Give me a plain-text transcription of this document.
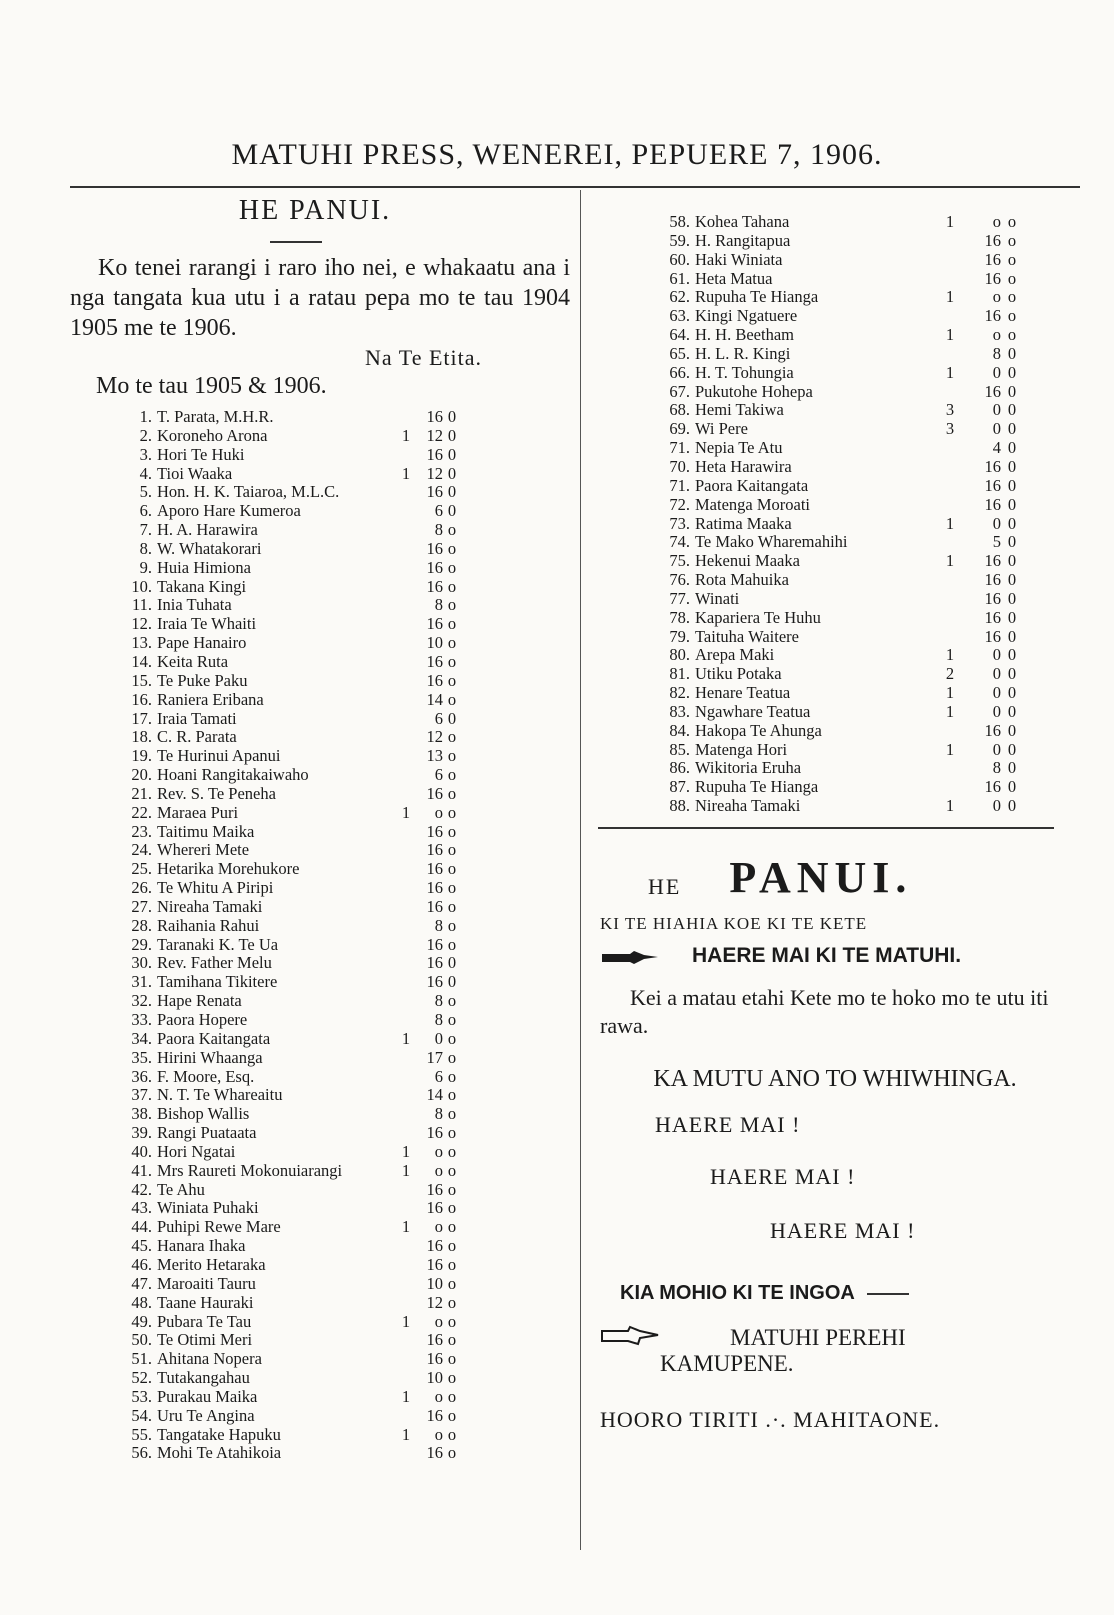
MATUHI PRESS, WENEREI, PEPUERE 7, 1906.
HE PANUI.

Ko tenei rarangi i raro iho nei, e whakaatu ana i nga tangata kua utu i a ratau pepa mo te tau 1904 1905 me te 1906.

Na Te Etita.
Mo te tau 1905 & 1906.
1. T. Parata, M.H.R.	16 0
2. Koroneho Arona	1 12 0
3. Hori Te Huki	16 0
4. Tioi Waaka	1 12 0
5. Hon. H. K. Taiaroa, M.L.C.	16 0
6. Aporo Hare Kumeroa	6 0
7. H. A. Harawira	8 o
8. W. Whatakorari	16 o
9. Huia Himiona	16 o
10. Takana Kingi	16 o
11. Inia Tuhata	8 o
12. Iraia Te Whaiti	16 o
13. Pape Hanairo	10 o
14. Keita Ruta	16 o
15. Te Puke Paku	16 o
16. Raniera Eribana	14 o
17. Iraia Tamati	6 0
18. C. R. Parata	12 o
19. Te Hurinui Apanui	13 o
20. Hoani Rangitakaiwaho	6 o
21. Rev. S. Te Peneha	16 o
22. Maraea Puri	1	o o
23. Taitimu Maika	16 o
24. Whereri Mete	16 o
25. Hetarika Morehukore	16 o
26. Te Whitu A Piripi	16 o
27. Nireaha Tamaki	16 o
28. Raihania Rahui	8 o
29. Taranaki K. Te Ua	16 o
30. Rev. Father Melu	16 0
31. Tamihana Tikitere	16 0
32. Hape Renata	8 o
33. Paora Hopere	8 o
34. Paora Kaitangata	1	0 o
35. Hirini Whaanga	17 o
36. F. Moore, Esq.	6 o
37. N. T. Te Whareaitu	14 o
38. Bishop Wallis	8 o
39. Rangi Puataata	16 o
40. Hori Ngatai	1	o o
41. Mrs Raureti Mokonuiarangi	1	o o
42. Te Ahu	16 o
43. Winiata Puhaki	16 o
44. Puhipi Rewe Mare	1	o o
45. Hanara Ihaka	16 o
46. Merito Hetaraka	16 o
47. Maroaiti Tauru	10 o
48. Taane Hauraki	12 o
49. Pubara Te Tau	1	o o
50. Te Otimi Meri	16 o
51. Ahitana Nopera	16 o
52. Tutakangahau	10 o
53. Purakau Maika	1	o o
54. Uru Te Angina	16 o
55. Tangatake Hapuku	1	o o
56. Mohi Te Atahikoia	16 o
58. Kohea Tahana	1	o o
59. H. Rangitapua	16 o
60. Haki Winiata	16 o
61. Heta Matua	16 o
62. Rupuha Te Hianga	1	o o
63. Kingi Ngatuere	16 o
64. H. H. Beetham	1	o o
65. H. L. R. Kingi	8 0
66. H. T. Tohungia	1	0 0
67. Pukutohe Hohepa	16 0
68. Hemi Takiwa	3	0 0
69. Wi Pere	3	0 0
71. Nepia Te Atu	4 0
70. Heta Harawira	16 0
71. Paora Kaitangata	16 0
72. Matenga Moroati	16 0
73. Ratima Maaka	1	0 0
74. Te Mako Wharemahihi	5 0
75. Hekenui Maaka	1	16 0
76. Rota Mahuika	16 0
77. Winati	16 0
78. Kapariera Te Huhu	16 0
79. Taituha Waitere	16 0
80. Arepa Maki	1	0 0
81. Utiku Potaka	2	0 0
82. Henare Teatua	1	0 0
83. Ngawhare Teatua	1	0 0
84. Hakopa Te Ahunga	16 0
85. Matenga Hori	1	0 0
86. Wikitoria Eruha	8 0
87. Rupuha Te Hianga	16 0
88. Nireaha Tamaki	1	0 0
HE PANUI.
KI TE HIAHIA KOE KI TE KETE
HAERE MAI KI TE MATUHI.
Kei a matau etahi Kete mo te hoko mo te utu iti rawa.
KA MUTU ANO TO WHIWHINGA.
HAERE MAI !
HAERE MAI !
HAERE MAI !
KIA MOHIO KI TE INGOA
MATUHI PEREHI
KAMUPENE.
HOORO TIRITI .·. MAHITAONE.
